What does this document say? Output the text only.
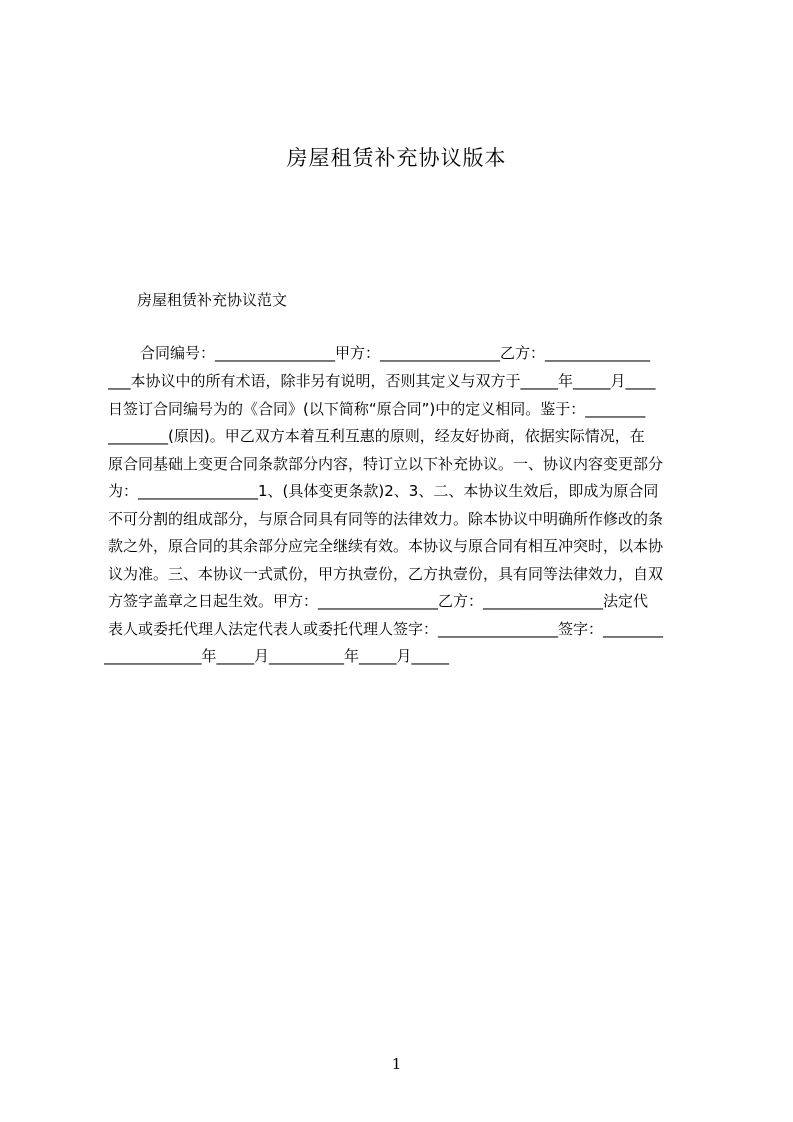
房屋租赁补充协议版本
房屋租赁补充协议范文
合同编号：________________甲方：________________乙方：______________
___本协议中的所有术语，除非另有说明，否则其定义与双方于_____年_____月____
日签订合同编号为的《合同》(以下简称“原合同”)中的定义相同。鉴于：________
________(原因)。甲乙双方本着互利互惠的原则，经友好协商，依据实际情况，在
原合同基础上变更合同条款部分内容，特订立以下补充协议。一、协议内容变更部分
为：________________1、(具体变更条款)2、3、二、本协议生效后，即成为原合同
不可分割的组成部分，与原合同具有同等的法律效力。除本协议中明确所作修改的条
款之外，原合同的其余部分应完全继续有效。本协议与原合同有相互冲突时，以本协
议为准。三、本协议一式贰份，甲方执壹份，乙方执壹份，具有同等法律效力，自双
方签字盖章之日起生效。甲方：________________乙方：________________法定代
表人或委托代理人法定代表人或委托代理人签字：________________签字：________
_____________年_____月__________年_____月_____
1
